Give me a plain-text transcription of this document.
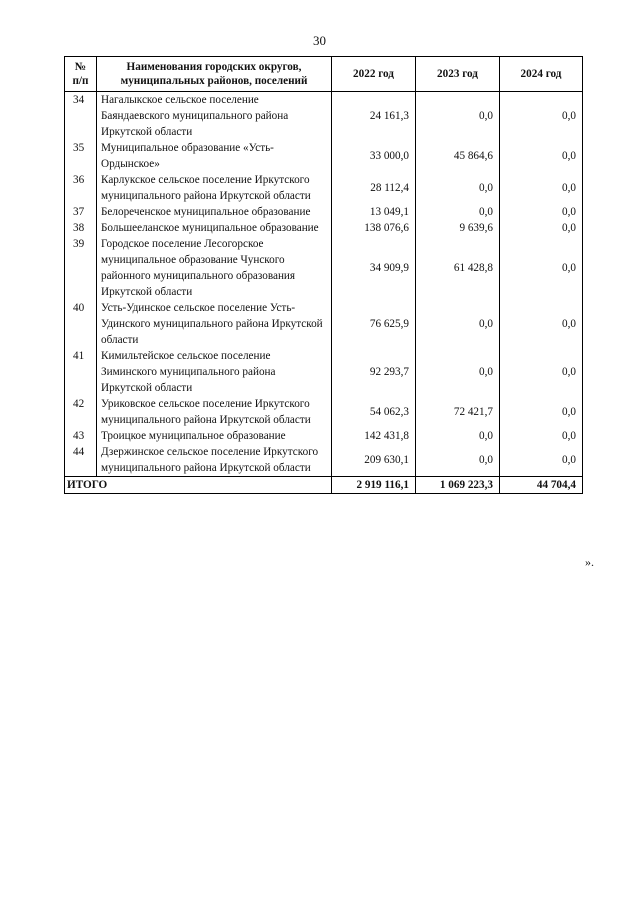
30
№
п/п	Наименования городских округов, муниципальных районов, поселений	2022 год	2023 год	2024 год
34	Нагалыкское сельское поселение Баяндаевского муниципального района Иркутской области	24 161,3	0,0	0,0
35	Муниципальное образование «Усть-Ордынское»	33 000,0	45 864,6	0,0
36	Карлукское сельское поселение Иркутского муниципального района Иркутской области	28 112,4	0,0	0,0
37	Белореченское муниципальное образование	13 049,1	0,0	0,0
38	Большееланское муниципальное образование	138 076,6	9 639,6	0,0
39	Городское поселение Лесогорское муниципальное образование Чунского районного муниципального образования Иркутской области	34 909,9	61 428,8	0,0
40	Усть-Удинское сельское поселение Усть-Удинского муниципального района Иркутской области	76 625,9	0,0	0,0
41	Кимильтейское сельское поселение Зиминского муниципального района Иркутской области	92 293,7	0,0	0,0
42	Уриковское сельское поселение Иркутского муниципального района Иркутской области	54 062,3	72 421,7	0,0
43	Троицкое муниципальное образование	142 431,8	0,0	0,0
44	Дзержинское сельское поселение Иркутского муниципального района Иркутской области	209 630,1	0,0	0,0
ИТОГО		2 919 116,1	1 069 223,3	44 704,4
».
